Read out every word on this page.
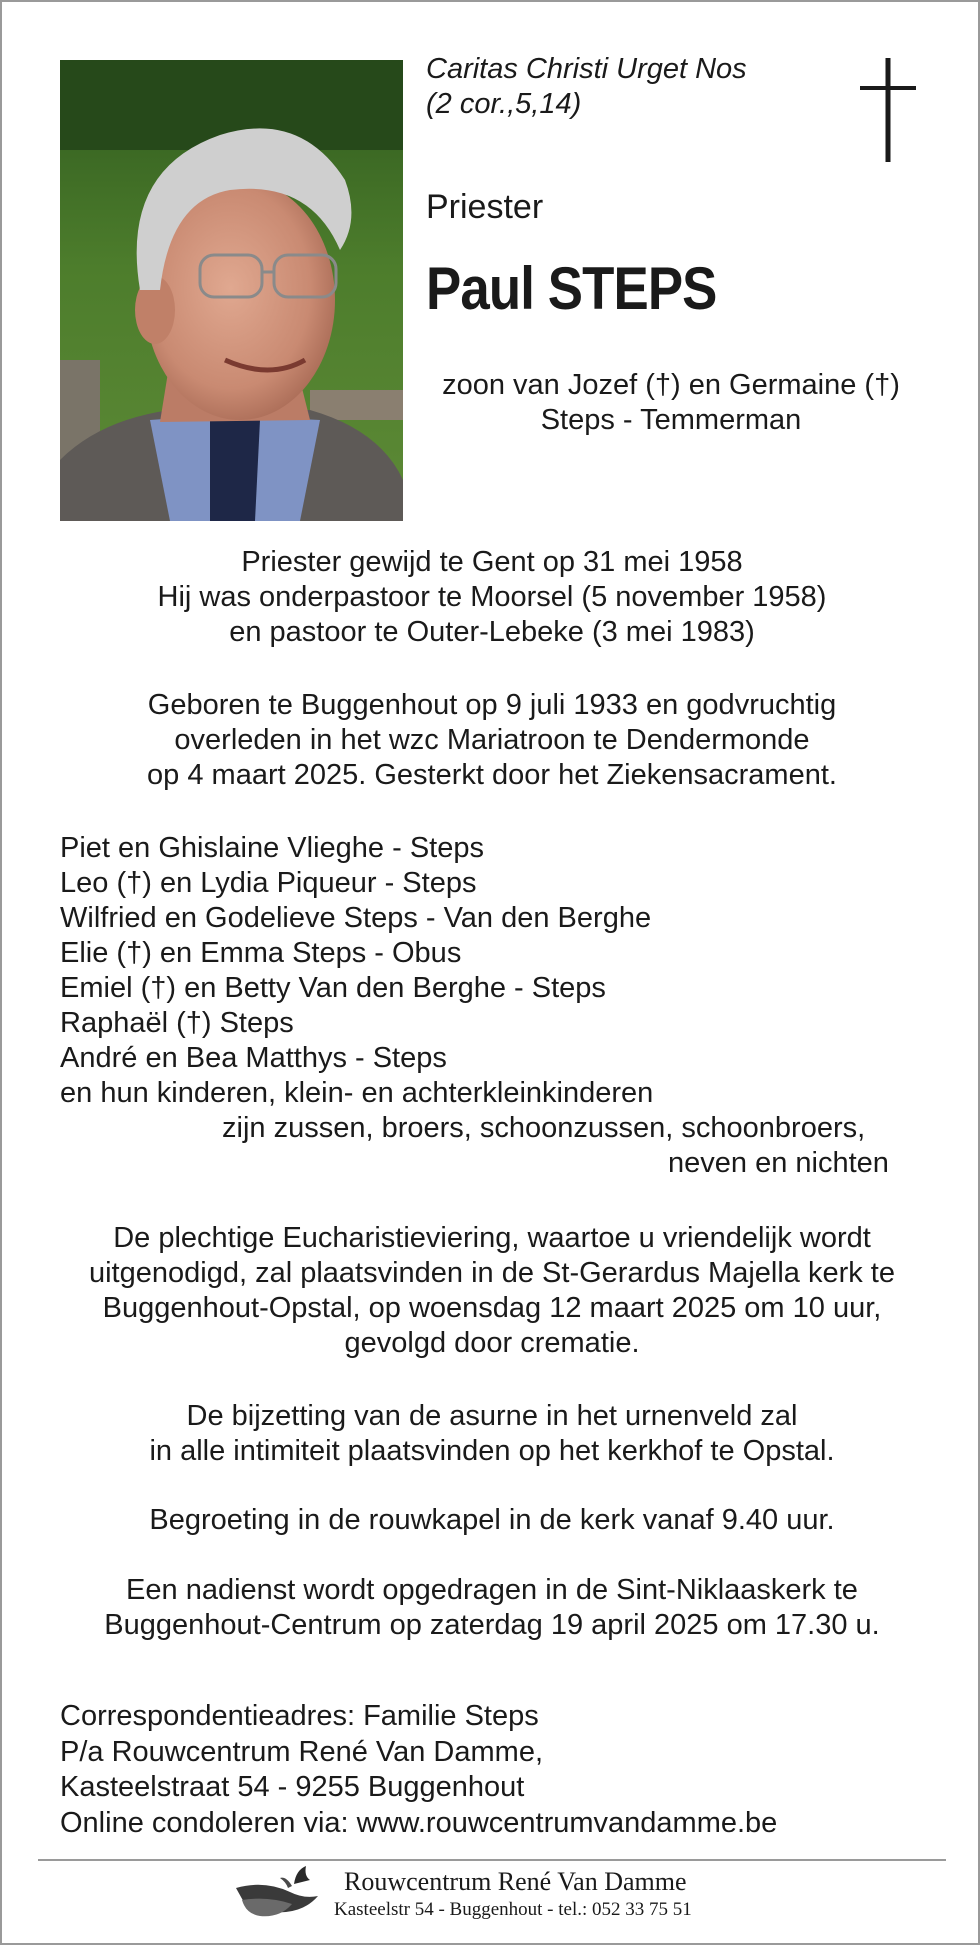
Caritas Christi Urget Nos
(2 cor.,5,14)
Priester
Paul STEPS
zoon van Jozef (†) en Germaine (†)
Steps - Temmerman
Priester gewijd te Gent op 31 mei 1958
Hij was onderpastoor te Moorsel (5 november 1958)
en pastoor te Outer-Lebeke (3 mei 1983)
Geboren te Buggenhout op 9 juli 1933 en godvruchtig
overleden in het wzc Mariatroon te Dendermonde
op 4 maart 2025. Gesterkt door het Ziekensacrament.
Piet en Ghislaine Vlieghe - Steps
Leo (†) en Lydia Piqueur - Steps
Wilfried en Godelieve Steps - Van den Berghe
Elie (†) en Emma Steps - Obus
Emiel (†) en Betty Van den Berghe - Steps
Raphaël (†) Steps
André en Bea Matthys - Steps
en hun kinderen, klein- en achterkleinkinderen
zijn zussen, broers, schoonzussen, schoonbroers,
neven en nichten
De plechtige Eucharistieviering, waartoe u vriendelijk wordt
uitgenodigd, zal plaatsvinden in de St-Gerardus Majella kerk te
Buggenhout-Opstal, op woensdag 12 maart 2025 om 10 uur,
gevolgd door crematie.
De bijzetting van de asurne in het urnenveld zal
in alle intimiteit plaatsvinden op het kerkhof te Opstal.
Begroeting in de rouwkapel in de kerk vanaf 9.40 uur.
Een nadienst wordt opgedragen in de Sint-Niklaaskerk te
Buggenhout-Centrum op zaterdag 19 april 2025 om 17.30 u.
Correspondentieadres: Familie Steps
P/a Rouwcentrum René Van Damme,
Kasteelstraat 54 - 9255 Buggenhout
Online condoleren via: www.rouwcentrumvandamme.be
Rouwcentrum René Van Damme
Kasteelstr 54 - Buggenhout - tel.: 052 33 75 51
